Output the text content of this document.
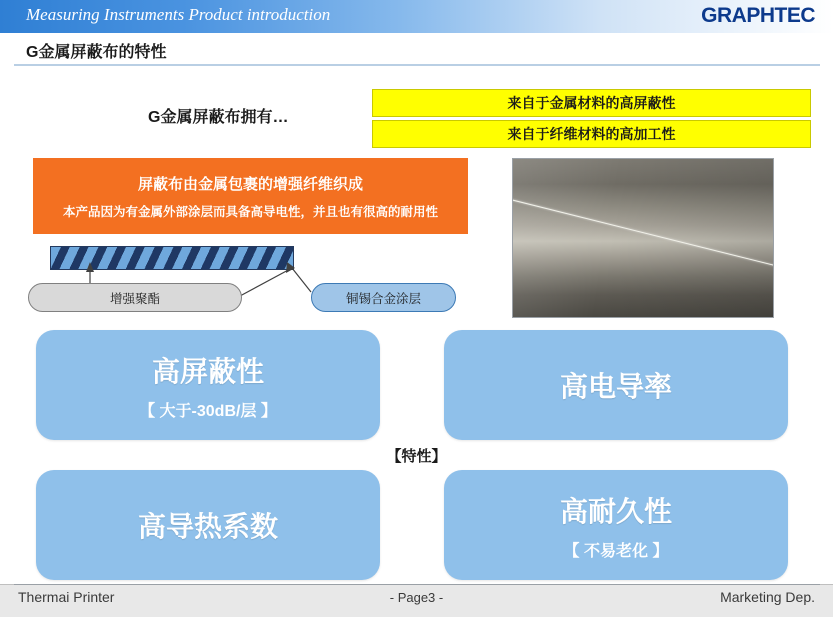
Measuring Instruments Product introduction	GRAPHTEC
G金属屏蔽布的特性
G金属屏蔽布拥有…
来自于金属材料的高屏蔽性
来自于纤维材料的高加工性
屏蔽布由金属包裹的增强纤维织成
本产品因为有金属外部涂层而具备高导电性，并且也有很高的耐用性
增强聚酯	铜锡合金涂层
高屏蔽性
【 大于-30dB/层 】
高电导率
【特性】
高导热系数	高耐久性
【 不易老化 】
Thermai Printer	- Page3 -	Marketing Dep.
